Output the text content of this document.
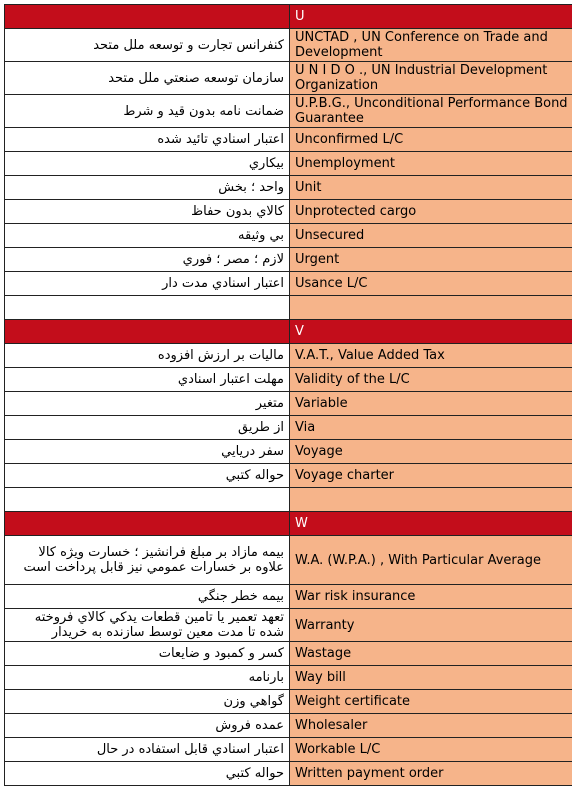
	U
كنفرانس تجارت و توسعه ملل متحد	UNCTAD , UN Conference on Trade and Development
سازمان توسعه صنعتي ملل متحد	U N I D O ., UN Industrial Development Organization
ضمانت نامه بدون قيد و شرط	U.P.B.G., Unconditional Performance Bond Guarantee
اعتبار اسنادي تائيد شده	Unconfirmed L/C
بيكاري	Unemployment
واحد ؛ بخش	Unit
كالاي بدون حفاظ	Unprotected cargo
بي وثيقه	Unsecured
لازم ؛ مصر ؛ فوري	Urgent
اعتبار اسنادي مدت دار	Usance L/C

	V
ماليات بر ارزش افزوده	V.A.T., Value Added Tax
مهلت اعتبار اسنادي	Validity of the L/C
متغير	Variable
از طريق	Via
سفر دريايي	Voyage
حواله كتبي	Voyage charter

	W
بيمه مازاد بر مبلغ فرانشيز ؛ خسارت ويژه كالا علاوه بر خسارات عمومي نيز قابل پرداخت است	W.A. (W.P.A.) , With Particular Average
بيمه خطر جنگي	War risk insurance
تعهد تعمير يا تامين قطعات يدكي كالاي فروخته شده تا مدت معين توسط سازنده به خريدار	Warranty
كسر و كمبود و ضايعات	Wastage
بارنامه	Way bill
گواهي وزن	Weight certificate
عمده فروش	Wholesaler
اعتبار اسنادي قابل استفاده در حال	Workable L/C
حواله كتبي	Written payment order
